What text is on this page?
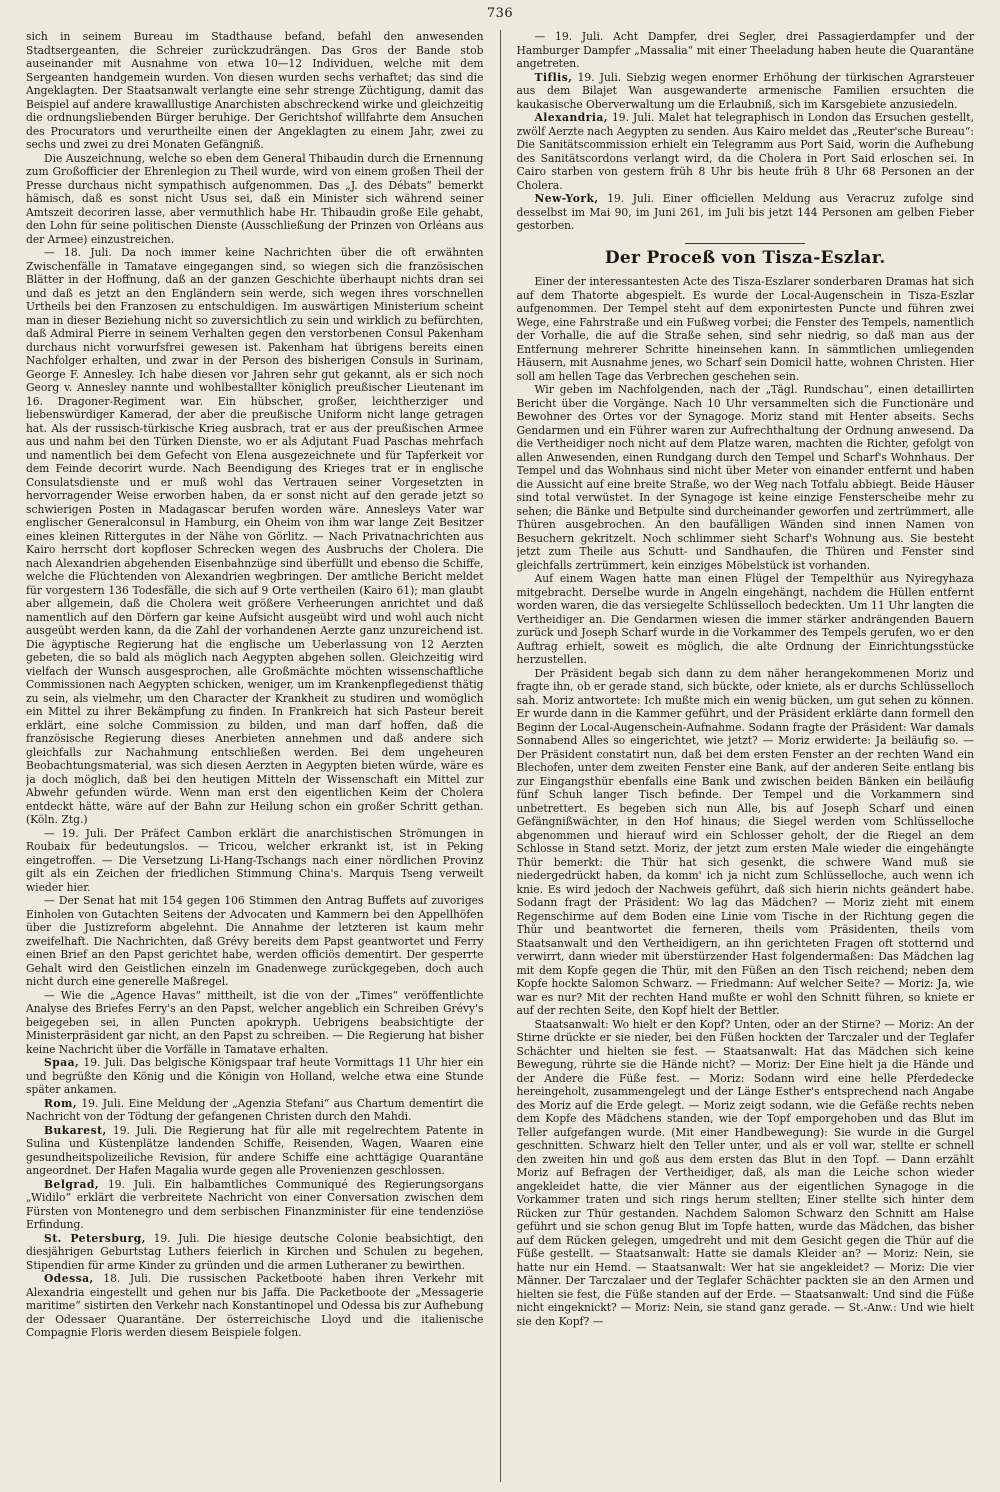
736

sich in seinem Bureau im Stadthause befand, befahl den anwesenden Stadtsergeanten, die Schreier zurückzudrängen. Das Gros der Bande stob auseinander mit Ausnahme von etwa 10—12 Individuen, welche mit dem Sergeanten handgemein wurden. Von diesen wurden sechs verhaftet; das sind die Angeklagten. Der Staatsanwalt verlangte eine sehr strenge Züchtigung, damit das Beispiel auf andere krawalllustige Anarchisten abschreckend wirke und gleichzeitig die ordnungsliebenden Bürger beruhige. Der Gerichtshof willfahrte dem Ansuchen des Procurators und verurtheilte einen der Angeklagten zu einem Jahr, zwei zu sechs und zwei zu drei Monaten Gefängniß.

Die Auszeichnung, welche so eben dem General Thibaudin durch die Ernennung zum Großofficier der Ehrenlegion zu Theil wurde, wird von einem großen Theil der Presse durchaus nicht sympathisch aufgenommen. Das „J. des Débats“ bemerkt hämisch, daß es sonst nicht Usus sei, daß ein Minister sich während seiner Amtszeit decoriren lasse, aber vermuthlich habe Hr. Thibaudin große Eile gehabt, den Lohn für seine politischen Dienste (Ausschließung der Prinzen von Orléans aus der Armee) einzustreichen.

— 18. Juli. Da noch immer keine Nachrichten über die oft erwähnten Zwischenfälle in Tamatave eingegangen sind, so wiegen sich die französischen Blätter in der Hoffnung, daß an der ganzen Geschichte überhaupt nichts dran sei und daß es jetzt an den Engländern sein werde, sich wegen ihres vorschnellen Urtheils bei den Franzosen zu entschuldigen. Im auswärtigen Ministerium scheint man in dieser Beziehung nicht so zuversichtlich zu sein und wirklich zu befürchten, daß Admiral Pierre in seinem Verhalten gegen den verstorbenen Consul Pakenham durchaus nicht vorwurfsfrei gewesen ist. Pakenham hat übrigens bereits einen Nachfolger erhalten, und zwar in der Person des bisherigen Consuls in Surinam, George F. Annesley. Ich habe diesen vor Jahren sehr gut gekannt, als er sich noch Georg v. Annesley nannte und wohlbestallter königlich preußischer Lieutenant im 16. Dragoner-Regiment war. Ein hübscher, großer, leichtherziger und liebenswürdiger Kamerad, der aber die preußische Uniform nicht lange getragen hat. Als der russisch-türkische Krieg ausbrach, trat er aus der preußischen Armee aus und nahm bei den Türken Dienste, wo er als Adjutant Fuad Paschas mehrfach und namentlich bei dem Gefecht von Elena ausgezeichnete und für Tapferkeit vor dem Feinde decorirt wurde. Nach Beendigung des Krieges trat er in englische Consulatsdienste und er muß wohl das Vertrauen seiner Vorgesetzten in hervorragender Weise erworben haben, da er sonst nicht auf den gerade jetzt so schwierigen Posten in Madagascar berufen worden wäre. Annesleys Vater war englischer Generalconsul in Hamburg, ein Oheim von ihm war lange Zeit Besitzer eines kleinen Rittergutes in der Nähe von Görlitz. — Nach Privatnachrichten aus Kairo herrscht dort kopfloser Schrecken wegen des Ausbruchs der Cholera. Die nach Alexandrien abgehenden Eisenbahnzüge sind überfüllt und ebenso die Schiffe, welche die Flüchtenden von Alexandrien wegbringen. Der amtliche Bericht meldet für vorgestern 136 Todesfälle, die sich auf 9 Orte vertheilen (Kairo 61); man glaubt aber allgemein, daß die Cholera weit größere Verheerungen anrichtet und daß namentlich auf den Dörfern gar keine Aufsicht ausgeübt wird und wohl auch nicht ausgeübt werden kann, da die Zahl der vorhandenen Aerzte ganz unzureichend ist. Die ägyptische Regierung hat die englische um Ueberlassung von 12 Aerzten gebeten, die so bald als möglich nach Aegypten abgehen sollen. Gleichzeitig wird vielfach der Wunsch ausgesprochen, alle Großmächte möchten wissenschaftliche Commissionen nach Aegypten schicken, weniger, um im Krankenpflegedienst thätig zu sein, als vielmehr, um den Character der Krankheit zu studiren und womöglich ein Mittel zu ihrer Bekämpfung zu finden. In Frankreich hat sich Pasteur bereit erklärt, eine solche Commission zu bilden, und man darf hoffen, daß die französische Regierung dieses Anerbieten annehmen und daß andere sich gleichfalls zur Nachahmung entschließen werden. Bei dem ungeheuren Beobachtungsmaterial, was sich diesen Aerzten in Aegypten bieten würde, wäre es ja doch möglich, daß bei den heutigen Mitteln der Wissenschaft ein Mittel zur Abwehr gefunden würde. Wenn man erst den eigentlichen Keim der Cholera entdeckt hätte, wäre auf der Bahn zur Heilung schon ein großer Schritt gethan. (Köln. Ztg.)

— 19. Juli. Der Präfect Cambon erklärt die anarchistischen Strömungen in Roubaix für bedeutungslos. — Tricou, welcher erkrankt ist, ist in Peking eingetroffen. — Die Versetzung Li-Hang-Tschangs nach einer nördlichen Provinz gilt als ein Zeichen der friedlichen Stimmung China's. Marquis Tseng verweilt wieder hier.

— Der Senat hat mit 154 gegen 106 Stimmen den Antrag Buffets auf zuvoriges Einholen von Gutachten Seitens der Advocaten und Kammern bei den Appellhöfen über die Justizreform abgelehnt. Die Annahme der letzteren ist kaum mehr zweifelhaft. Die Nachrichten, daß Grévy bereits dem Papst geantwortet und Ferry einen Brief an den Papst gerichtet habe, werden officiös dementirt. Der gesperrte Gehalt wird den Geistlichen einzeln im Gnadenwege zurückgegeben, doch auch nicht durch eine generelle Maßregel.

— Wie die „Agence Havas“ mittheilt, ist die von der „Times“ veröffentlichte Analyse des Briefes Ferry's an den Papst, welcher angeblich ein Schreiben Grévy's beigegeben sei, in allen Puncten apokryph. Uebrigens beabsichtigte der Ministerpräsident gar nicht, an den Papst zu schreiben. — Die Regierung hat bisher keine Nachricht über die Vorfälle in Tamatave erhalten.

Spaa, 19. Juli. Das belgische Königspaar traf heute Vormittags 11 Uhr hier ein und begrüßte den König und die Königin von Holland, welche etwa eine Stunde später ankamen.

Rom, 19. Juli. Eine Meldung der „Agenzia Stefani“ aus Chartum dementirt die Nachricht von der Tödtung der gefangenen Christen durch den Mahdi.

Bukarest, 19. Juli. Die Regierung hat für alle mit regelrechtem Patente in Sulina und Küstenplätze landenden Schiffe, Reisenden, Wagen, Waaren eine gesundheitspolizeiliche Revision, für andere Schiffe eine achttägige Quarantäne angeordnet. Der Hafen Magalia wurde gegen alle Provenienzen geschlossen.

Belgrad, 19. Juli. Ein halbamtliches Communiqué des Regierungsorgans „Widilo“ erklärt die verbreitete Nachricht von einer Conversation zwischen dem Fürsten von Montenegro und dem serbischen Finanzminister für eine tendenziöse Erfindung.

St. Petersburg, 19. Juli. Die hiesige deutsche Colonie beabsichtigt, den diesjährigen Geburtstag Luthers feierlich in Kirchen und Schulen zu begehen, Stipendien für arme Kinder zu gründen und die armen Lutheraner zu bewirthen.

Odessa, 18. Juli. Die russischen Packetboote haben ihren Verkehr mit Alexandria eingestellt und gehen nur bis Jaffa. Die Packetboote der „Messagerie maritime“ sistirten den Verkehr nach Konstantinopel und Odessa bis zur Aufhebung der Odessaer Quarantäne. Der österreichische Lloyd und die italienische Compagnie Floris werden diesem Beispiele folgen.

— 19. Juli. Acht Dampfer, drei Segler, drei Passagierdampfer und der Hamburger Dampfer „Massalia“ mit einer Theeladung haben heute die Quarantäne angetreten.

Tiflis, 19. Juli. Siebzig wegen enormer Erhöhung der türkischen Agrarsteuer aus dem Bilajet Wan ausgewanderte armenische Familien ersuchten die kaukasische Oberverwaltung um die Erlaubniß, sich im Karsgebiete anzusiedeln.

Alexandria, 19. Juli. Malet hat telegraphisch in London das Ersuchen gestellt, zwölf Aerzte nach Aegypten zu senden. Aus Kairo meldet das „Reuter'sche Bureau“: Die Sanitätscommission erhielt ein Telegramm aus Port Said, worin die Aufhebung des Sanitätscordons verlangt wird, da die Cholera in Port Said erloschen sei. In Cairo starben von gestern früh 8 Uhr bis heute früh 8 Uhr 68 Personen an der Cholera.

New-York, 19. Juli. Einer officiellen Meldung aus Veracruz zufolge sind desselbst im Mai 90, im Juni 261, im Juli bis jetzt 144 Personen am gelben Fieber gestorben.

Der Proceß von Tisza-Eszlar.

Einer der interessantesten Acte des Tisza-Eszlarer sonderbaren Dramas hat sich auf dem Thatorte abgespielt. Es wurde der Local-Augenschein in Tisza-Eszlar aufgenommen. Der Tempel steht auf dem exponirtesten Puncte und führen zwei Wege, eine Fahrstraße und ein Fußweg vorbei; die Fenster des Tempels, namentlich der Vorhalle, die auf die Straße sehen, sind sehr niedrig, so daß man aus der Entfernung mehrerer Schritte hineinsehen kann. In sämmtlichen umliegenden Häusern, mit Ausnahme jenes, wo Scharf sein Domicil hatte, wohnen Christen. Hier soll am hellen Tage das Verbrechen geschehen sein.

Wir geben im Nachfolgenden, nach der „Tägl. Rundschau“, einen detaillirten Bericht über die Vorgänge. Nach 10 Uhr versammelten sich die Functionäre und Bewohner des Ortes vor der Synagoge. Moriz stand mit Henter abseits. Sechs Gendarmen und ein Führer waren zur Aufrechthaltung der Ordnung anwesend. Da die Vertheidiger noch nicht auf dem Platze waren, machten die Richter, gefolgt von allen Anwesenden, einen Rundgang durch den Tempel und Scharf's Wohnhaus. Der Tempel und das Wohnhaus sind nicht über Meter von einander entfernt und haben die Aussicht auf eine breite Straße, wo der Weg nach Totfalu abbiegt. Beide Häuser sind total verwüstet. In der Synagoge ist keine einzige Fensterscheibe mehr zu sehen; die Bänke und Betpulte sind durcheinander geworfen und zertrümmert, alle Thüren ausgebrochen. An den baufälligen Wänden sind innen Namen von Besuchern gekritzelt. Noch schlimmer sieht Scharf's Wohnung aus. Sie besteht jetzt zum Theile aus Schutt- und Sandhaufen, die Thüren und Fenster sind gleichfalls zertrümmert, kein einziges Möbelstück ist vorhanden.

Auf einem Wagen hatte man einen Flügel der Tempelthür aus Nyiregyhaza mitgebracht. Derselbe wurde in Angeln eingehängt, nachdem die Hüllen entfernt worden waren, die das versiegelte Schlüsselloch bedeckten. Um 11 Uhr langten die Vertheidiger an. Die Gendarmen wiesen die immer stärker andrängenden Bauern zurück und Joseph Scharf wurde in die Vorkammer des Tempels gerufen, wo er den Auftrag erhielt, soweit es möglich, die alte Ordnung der Einrichtungsstücke herzustellen.

Der Präsident begab sich dann zu dem näher herangekommenen Moriz und fragte ihn, ob er gerade stand, sich bückte, oder kniete, als er durchs Schlüsselloch sah. Moriz antwortete: Ich mußte mich ein wenig bücken, um gut sehen zu können. Er wurde dann in die Kammer geführt, und der Präsident erklärte dann formell den Beginn der Local-Augenschein-Aufnahme. Sodann fragte der Präsident: War damals Sonnabend Alles so eingerichtet, wie jetzt? — Moriz erwiderte: Ja beiläufig so. — Der Präsident constatirt nun, daß bei dem ersten Fenster an der rechten Wand ein Blechofen, unter dem zweiten Fenster eine Bank, auf der anderen Seite entlang bis zur Eingangsthür ebenfalls eine Bank und zwischen beiden Bänken ein beiläufig fünf Schuh langer Tisch befinde. Der Tempel und die Vorkammern sind unbetrettert. Es begeben sich nun Alle, bis auf Joseph Scharf und einen Gefängnißwächter, in den Hof hinaus; die Siegel werden vom Schlüsselloche abgenommen und hierauf wird ein Schlosser geholt, der die Riegel an dem Schlosse in Stand setzt. Moriz, der jetzt zum ersten Male wieder die eingehängte Thür bemerkt: die Thür hat sich gesenkt, die schwere Wand muß sie niedergedrückt haben, da komm' ich ja nicht zum Schlüsselloche, auch wenn ich knie. Es wird jedoch der Nachweis geführt, daß sich hierin nichts geändert habe. Sodann fragt der Präsident: Wo lag das Mädchen? — Moriz zieht mit einem Regenschirme auf dem Boden eine Linie vom Tische in der Richtung gegen die Thür und beantwortet die ferneren, theils vom Präsidenten, theils vom Staatsanwalt und den Vertheidigern, an ihn gerichteten Fragen oft stotternd und verwirrt, dann wieder mit überstürzender Hast folgendermaßen: Das Mädchen lag mit dem Kopfe gegen die Thür, mit den Füßen an den Tisch reichend; neben dem Kopfe hockte Salomon Schwarz. — Friedmann: Auf welcher Seite? — Moriz: Ja, wie war es nur? Mit der rechten Hand mußte er wohl den Schnitt führen, so kniete er auf der rechten Seite, den Kopf hielt der Bettler.

Staatsanwalt: Wo hielt er den Kopf? Unten, oder an der Stirne? — Moriz: An der Stirne drückte er sie nieder, bei den Füßen hockten der Tarczaler und der Teglafer Schächter und hielten sie fest. — Staatsanwalt: Hat das Mädchen sich keine Bewegung, rührte sie die Hände nicht? — Moriz: Der Eine hielt ja die Hände und der Andere die Füße fest. — Moriz: Sodann wird eine helle Pferdedecke hereingeholt, zusammengelegt und der Länge Esther's entsprechend nach Angabe des Moriz auf die Erde gelegt. — Moriz zeigt sodann, wie die Gefäße rechts neben dem Kopfe des Mädchens standen, wie der Topf emporgehoben und das Blut im Teller aufgefangen wurde. (Mit einer Handbewegung): Sie wurde in die Gurgel geschnitten. Schwarz hielt den Teller unter, und als er voll war, stellte er schnell den zweiten hin und goß aus dem ersten das Blut in den Topf. — Dann erzählt Moriz auf Befragen der Vertheidiger, daß, als man die Leiche schon wieder angekleidet hatte, die vier Männer aus der eigentlichen Synagoge in die Vorkammer traten und sich rings herum stellten; Einer stellte sich hinter dem Rücken zur Thür gestanden. Nachdem Salomon Schwarz den Schnitt am Halse geführt und sie schon genug Blut im Topfe hatten, wurde das Mädchen, das bisher auf dem Rücken gelegen, umgedreht und mit dem Gesicht gegen die Thür auf die Füße gestellt. — Staatsanwalt: Hatte sie damals Kleider an? — Moriz: Nein, sie hatte nur ein Hemd. — Staatsanwalt: Wer hat sie angekleidet? — Moriz: Die vier Männer. Der Tarczalaer und der Teglafer Schächter packten sie an den Armen und hielten sie fest, die Füße standen auf der Erde. — Staatsanwalt: Und sind die Füße nicht eingeknickt? — Moriz: Nein, sie stand ganz gerade. — St.-Anw.: Und wie hielt sie den Kopf? —
